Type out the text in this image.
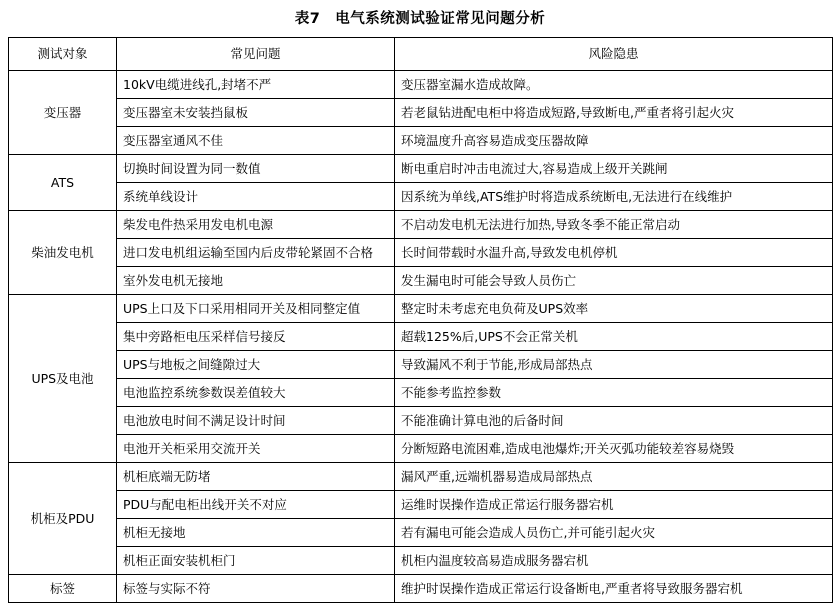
表7　电气系统测试验证常见问题分析
测试对象	常见问题	风险隐患
变压器	10kV电缆进线孔,封堵不严	变压器室漏水造成故障。
	变压器室未安装挡鼠板	若老鼠钻进配电柜中将造成短路,导致断电,严重者将引起火灾
	变压器室通风不佳	环境温度升高容易造成变压器故障
ATS	切换时间设置为同一数值	断电重启时冲击电流过大,容易造成上级开关跳闸
	系统单线设计	因系统为单线,ATS维护时将造成系统断电,无法进行在线维护
柴油发电机	柴发电件热采用发电机电源	不启动发电机无法进行加热,导致冬季不能正常启动
	进口发电机组运输至国内后皮带轮紧固不合格	长时间带载时水温升高,导致发电机停机
	室外发电机无接地	发生漏电时可能会导致人员伤亡
UPS及电池	UPS上口及下口采用相同开关及相同整定值	整定时未考虑充电负荷及UPS效率
	集中旁路柜电压采样信号接反	超载125%后,UPS不会正常关机
	UPS与地板之间缝隙过大	导致漏风不利于节能,形成局部热点
	电池监控系统参数误差值较大	不能参考监控参数
	电池放电时间不满足设计时间	不能准确计算电池的后备时间
	电池开关柜采用交流开关	分断短路电流困难,造成电池爆炸;开关灭弧功能较差容易烧毁
机柜及PDU	机柜底端无防堵	漏风严重,远端机器易造成局部热点
	PDU与配电柜出线开关不对应	运维时误操作造成正常运行服务器宕机
	机柜无接地	若有漏电可能会造成人员伤亡,并可能引起火灾
	机柜正面安装机柜门	机柜内温度较高易造成服务器宕机
标签	标签与实际不符	维护时误操作造成正常运行设备断电,严重者将导致服务器宕机
